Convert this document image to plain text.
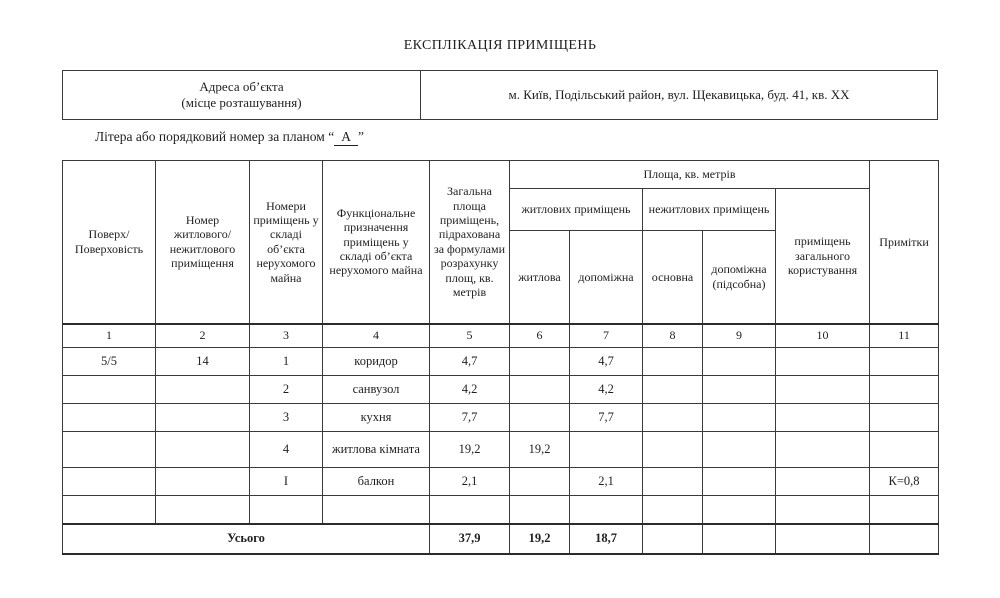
ЕКСПЛІКАЦІЯ ПРИМІЩЕНЬ
Адреса об’єкта
(місце розташування)
м. Київ, Подільський район, вул. Щекавицька, буд. 41, кв. XX
Літера або порядковий номер за планом “ А ”
Поверх/ Поверховість	Номер житлового/ нежитлового приміщення	Номери приміщень у складі об’єкта нерухомого майна	Функціональне призначення приміщень у складі об’єкта нерухомого майна	Загальна площа приміщень, підрахована за формулами розрахунку площ, кв. метрів	Площа, кв. метрів					Примітки
					житлових приміщень		нежитлових приміщень		приміщень загального користування	
					житлова	допоміжна	основна	допоміжна (підсобна)		
1	2	3	4	5	6	7	8	9	10	11
5/5	14	1	коридор	4,7		4,7				
		2	санвузол	4,2		4,2				
		3	кухня	7,7		7,7				
		4	житлова кімната	19,2	19,2					
		І	балкон	2,1		2,1				К=0,8

Усього				37,9	19,2	18,7				
